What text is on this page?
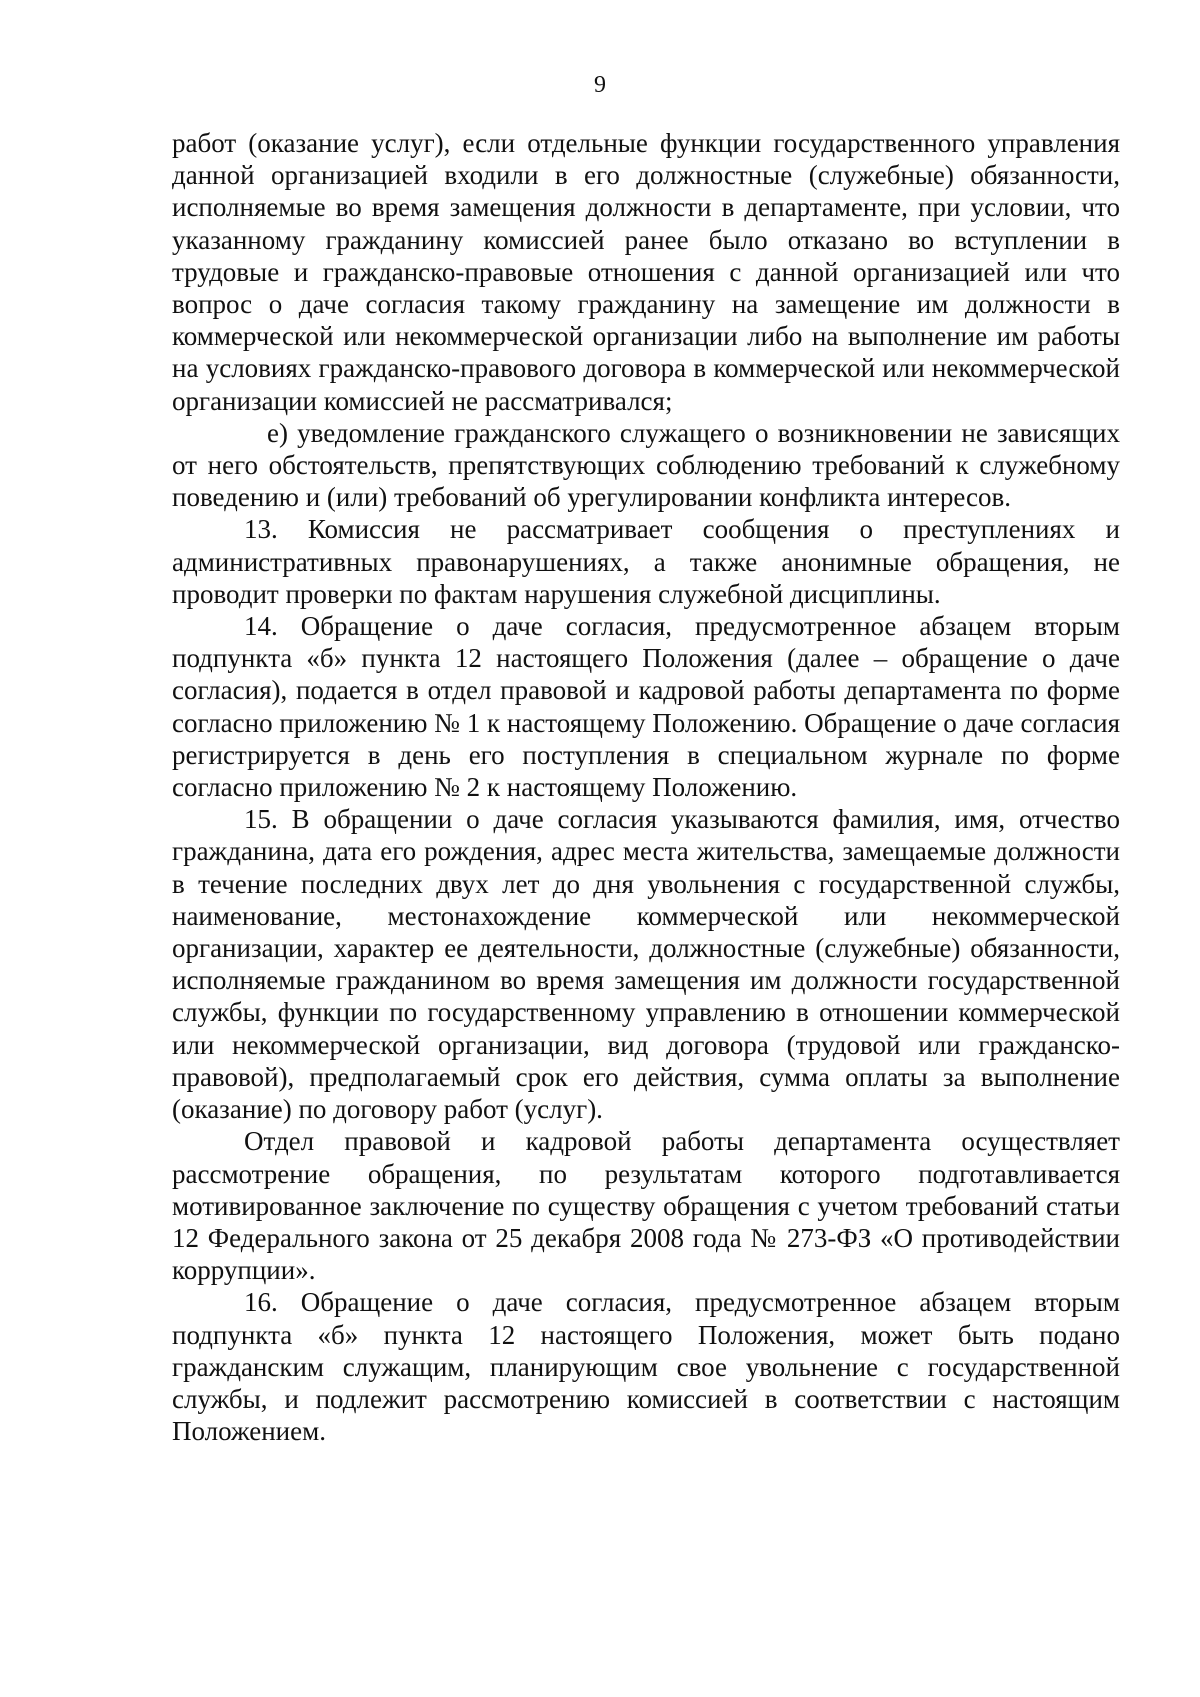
9

работ (оказание услуг), если отдельные функции государственного управления данной организацией входили в его должностные (служебные) обязанности, исполняемые во время замещения должности в департаменте, при условии, что указанному гражданину комиссией ранее было отказано во вступлении в трудовые и гражданско-правовые отношения с данной организацией или что вопрос о даче согласия такому гражданину на замещение им должности в коммерческой или некоммерческой организации либо на выполнение им работы на условиях гражданско-правового договора в коммерческой или некоммерческой организации комиссией не рассматривался;

е) уведомление гражданского служащего о возникновении не зависящих от него обстоятельств, препятствующих соблюдению требований к служебному поведению и (или) требований об урегулировании конфликта интересов.

13. Комиссия не рассматривает сообщения о преступлениях и административных правонарушениях, а также анонимные обращения, не проводит проверки по фактам нарушения служебной дисциплины.

14. Обращение о даче согласия, предусмотренное абзацем вторым подпункта «б» пункта 12 настоящего Положения (далее – обращение о даче согласия), подается в отдел правовой и кадровой работы департамента по форме согласно приложению № 1 к настоящему Положению. Обращение о даче согласия регистрируется в день его поступления в специальном журнале по форме согласно приложению № 2 к настоящему Положению.

15. В обращении о даче согласия указываются фамилия, имя, отчество гражданина, дата его рождения, адрес места жительства, замещаемые должности в течение последних двух лет до дня увольнения с государственной службы, наименование, местонахождение коммерческой или некоммерческой организации, характер ее деятельности, должностные (служебные) обязанности, исполняемые гражданином во время замещения им должности государственной службы, функции по государственному управлению в отношении коммерческой или некоммерческой организации, вид договора (трудовой или гражданско-правовой), предполагаемый срок его действия, сумма оплаты за выполнение (оказание) по договору работ (услуг).

Отдел правовой и кадровой работы департамента осуществляет рассмотрение обращения, по результатам которого подготавливается мотивированное заключение по существу обращения с учетом требований статьи 12 Федерального закона от 25 декабря 2008 года № 273-ФЗ «О противодействии коррупции».

16. Обращение о даче согласия, предусмотренное абзацем вторым подпункта «б» пункта 12 настоящего Положения, может быть подано гражданским служащим, планирующим свое увольнение с государственной службы, и подлежит рассмотрению комиссией в соответствии с настоящим Положением.
